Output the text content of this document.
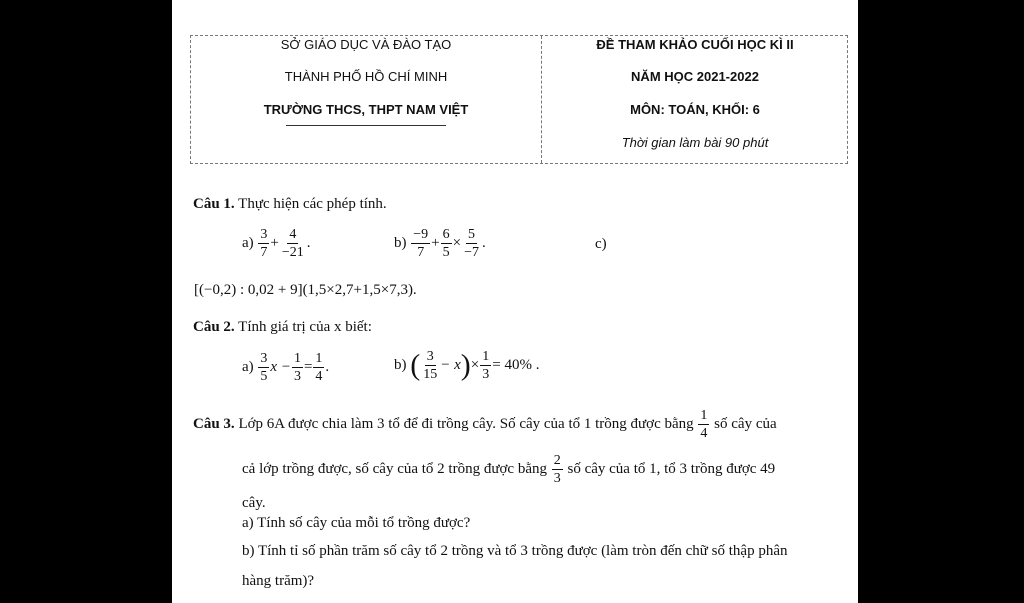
SỞ GIÁO DỤC VÀ ĐÀO TẠO
THÀNH PHỐ HỒ CHÍ MINH
TRƯỜNG THCS, THPT NAM VIỆT
ĐỀ THAM KHẢO CUỐI HỌC KÌ II
NĂM HỌC 2021-2022
MÔN: TOÁN, KHỐI: 6
Thời gian làm bài 90 phút
Câu 1. Thực hiện các phép tính.
$a) \frac{3}{7} + \frac{4}{-21}$ .	$b) \frac{-9}{7} + \frac{6}{5} \times \frac{5}{-7}$ .	c)
[(−0,2) : 0,02 + 9](1,5×2,7+1,5×7,3).
Câu 2. Tính giá trị của x biết:
$a) \frac{3}{5}$ $x - \frac{1}{3} = \frac{1}{4}$ .	b) ( $\frac{3}{15} - x)\times \frac{1}{3} = 40\%$ .
Câu 3. Lớp 6A được chia làm 3 tổ để đi trồng cây. Số cây của tổ 1 trồng được bằng $\frac{1}{4}$ số cây của
cả lớp trồng được, số cây của tổ 2 trồng được bằng $\frac{2}{3}$ số cây của tổ 1, tổ 3 trồng được 49
cây.
a) Tính số cây của mỗi tổ trồng được?
b) Tính tỉ số phần trăm số cây tổ 2 trồng và tổ 3 trồng được (làm tròn đến chữ số thập phân
hàng trăm)?
